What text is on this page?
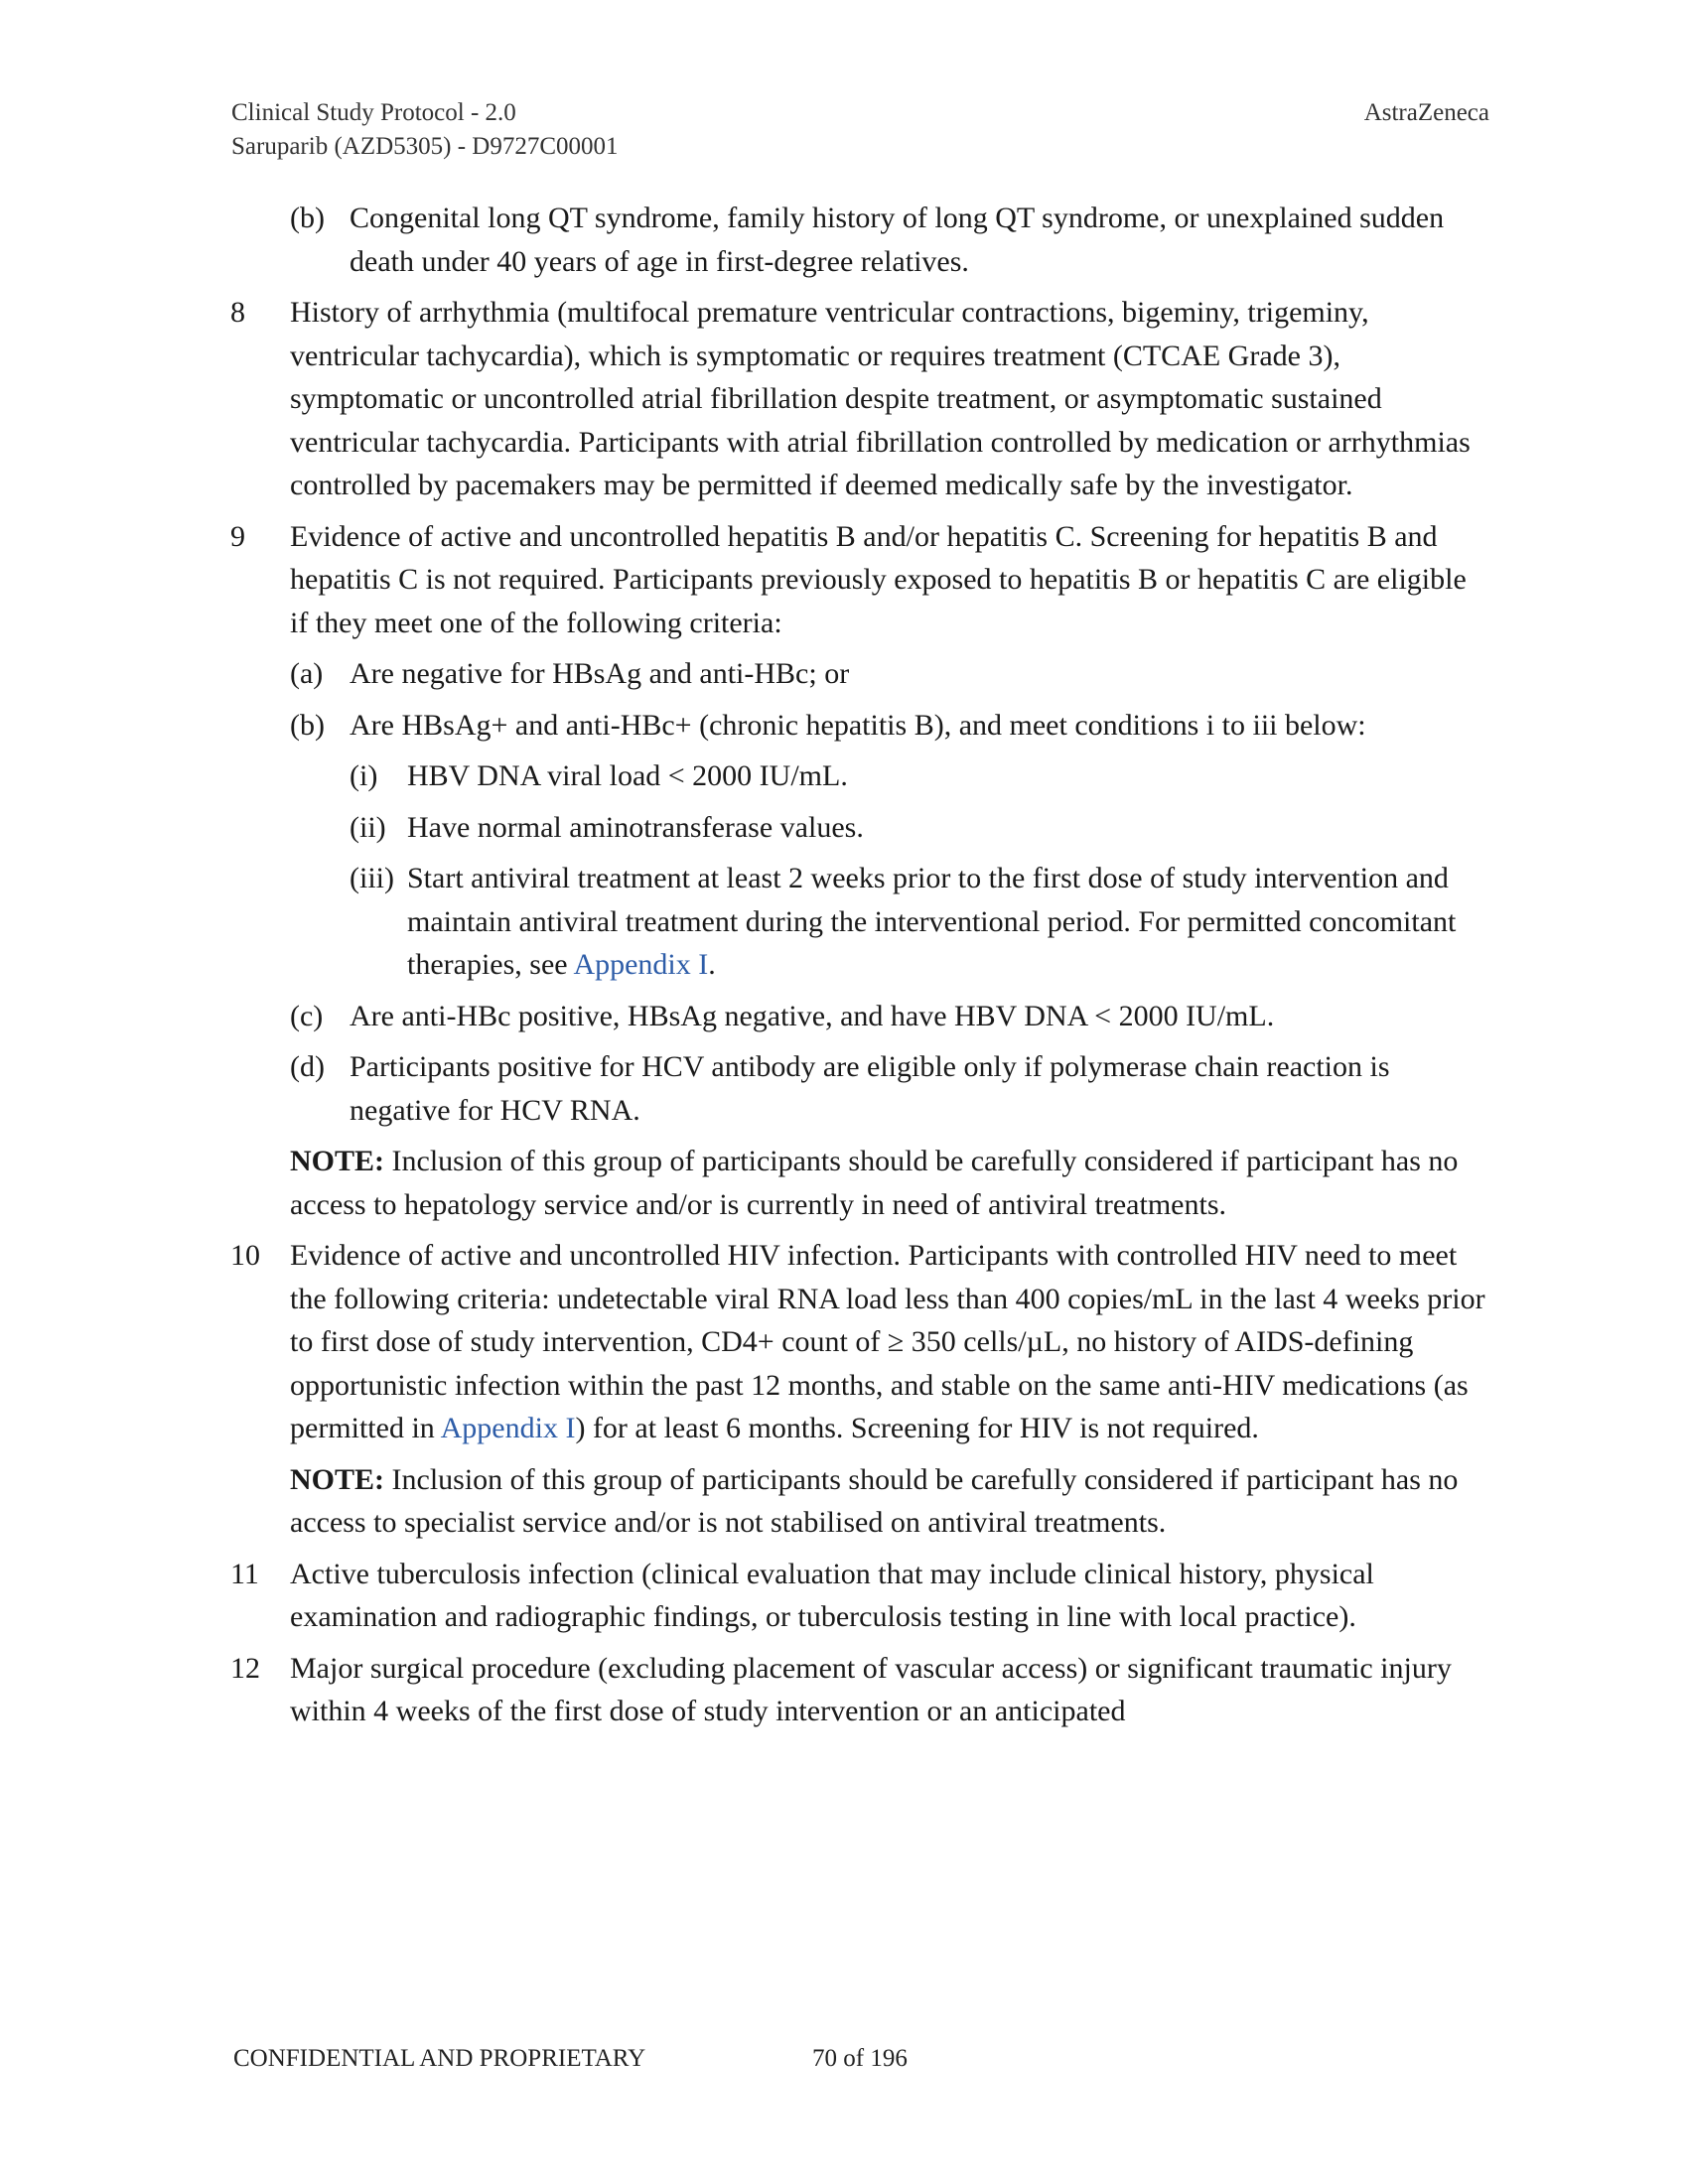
Clinical Study Protocol - 2.0
Saruparib (AZD5305) - D9727C00001
AstraZeneca
(b) Congenital long QT syndrome, family history of long QT syndrome, or unexplained sudden death under 40 years of age in first-degree relatives.
8 History of arrhythmia (multifocal premature ventricular contractions, bigeminy, trigeminy, ventricular tachycardia), which is symptomatic or requires treatment (CTCAE Grade 3), symptomatic or uncontrolled atrial fibrillation despite treatment, or asymptomatic sustained ventricular tachycardia. Participants with atrial fibrillation controlled by medication or arrhythmias controlled by pacemakers may be permitted if deemed medically safe by the investigator.
9 Evidence of active and uncontrolled hepatitis B and/or hepatitis C. Screening for hepatitis B and hepatitis C is not required. Participants previously exposed to hepatitis B or hepatitis C are eligible if they meet one of the following criteria:
(a) Are negative for HBsAg and anti-HBc; or
(b) Are HBsAg+ and anti-HBc+ (chronic hepatitis B), and meet conditions i to iii below:
(i) HBV DNA viral load < 2000 IU/mL.
(ii) Have normal aminotransferase values.
(iii) Start antiviral treatment at least 2 weeks prior to the first dose of study intervention and maintain antiviral treatment during the interventional period. For permitted concomitant therapies, see Appendix I.
(c) Are anti-HBc positive, HBsAg negative, and have HBV DNA < 2000 IU/mL.
(d) Participants positive for HCV antibody are eligible only if polymerase chain reaction is negative for HCV RNA.
NOTE: Inclusion of this group of participants should be carefully considered if participant has no access to hepatology service and/or is currently in need of antiviral treatments.
10 Evidence of active and uncontrolled HIV infection. Participants with controlled HIV need to meet the following criteria: undetectable viral RNA load less than 400 copies/mL in the last 4 weeks prior to first dose of study intervention, CD4+ count of ≥ 350 cells/µL, no history of AIDS-defining opportunistic infection within the past 12 months, and stable on the same anti-HIV medications (as permitted in Appendix I) for at least 6 months. Screening for HIV is not required.
NOTE: Inclusion of this group of participants should be carefully considered if participant has no access to specialist service and/or is not stabilised on antiviral treatments.
11 Active tuberculosis infection (clinical evaluation that may include clinical history, physical examination and radiographic findings, or tuberculosis testing in line with local practice).
12 Major surgical procedure (excluding placement of vascular access) or significant traumatic injury within 4 weeks of the first dose of study intervention or an anticipated
CONFIDENTIAL AND PROPRIETARY	70 of 196
